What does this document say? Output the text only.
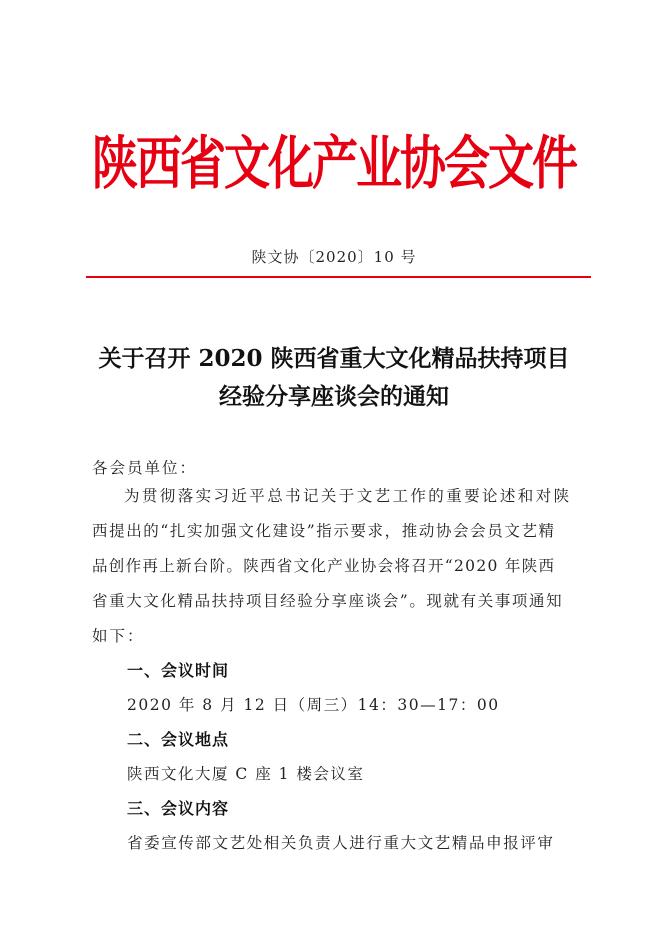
陕西省文化产业协会文件
陕文协〔2020〕10 号
关于召开 2020 陕西省重大文化精品扶持项目
经验分享座谈会的通知
各会员单位：
为贯彻落实习近平总书记关于文艺工作的重要论述和对陕
西提出的“扎实加强文化建设”指示要求，推动协会会员文艺精
品创作再上新台阶。陕西省文化产业协会将召开“2020 年陕西
省重大文化精品扶持项目经验分享座谈会”。现就有关事项通知
如下：
一、会议时间
2020 年 8 月 12 日（周三）14：30—17：00
二、会议地点
陕西文化大厦 C 座 1 楼会议室
三、会议内容
省委宣传部文艺处相关负责人进行重大文艺精品申报评审
